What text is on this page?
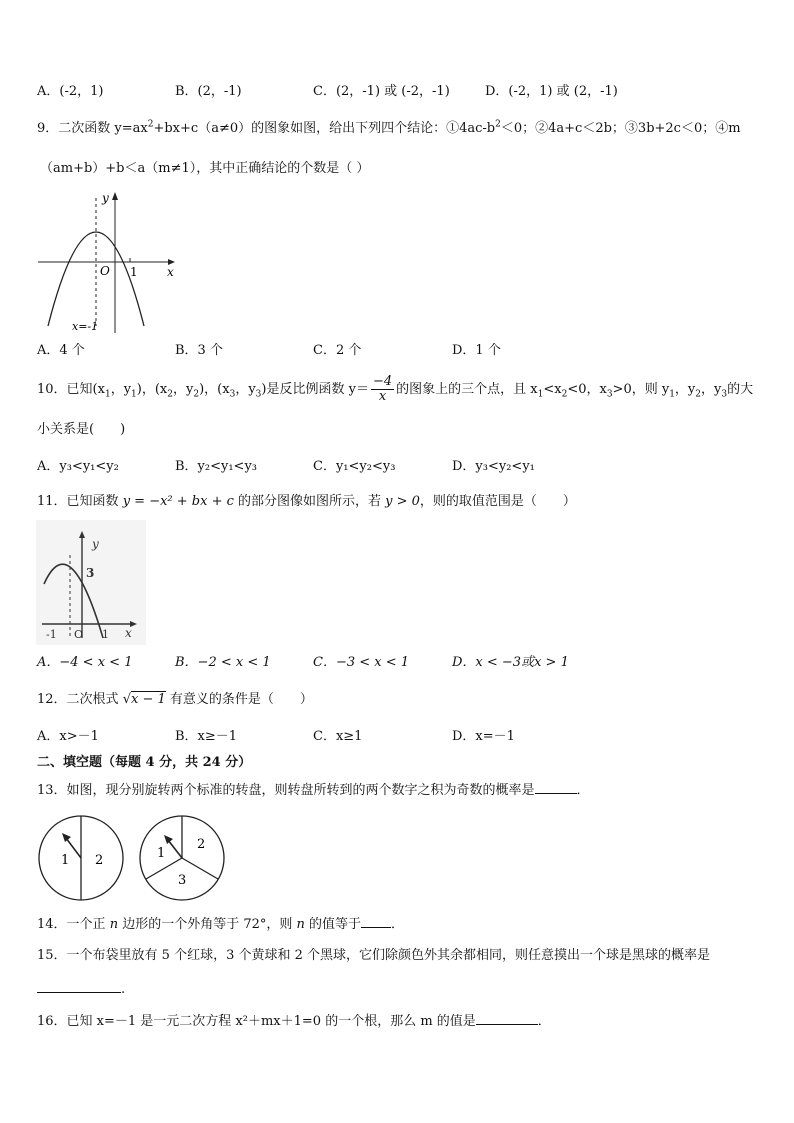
A．(-2，1)	B．(2，-1)	C．(2，-1) 或 (-2，-1)	D．(-2，1) 或 (2，-1)
9．二次函数 $y=ax^2+bx+c(a\ne 0)$的图象如图，给出下列四个结论：$①4ac-b^2<0$；②4a+c＜2b；③3b+2c＜0；④m
（am+b）+b＜a（m≠1），其中正确结论的个数是（ ）
y
x
O 1
x=-1
A．4 个	B．3 个	C．2 个	D．1 个
10．已知($x_1$，$y_1$)，($x_2$，$y_2$)，($x_3$，$y_3$)是反比例函数 $y= \frac{-4}{x}$ 的图象上的三个点，且 $x_1<x_2<0$，$x_3>0$，则 $y_1$，$y_2$，$y_3$的大
小关系是(　　)
A．y₃<y₁<y₂	B．y₂<y₁<y₃	C．y₁<y₂<y₃	D．y₃<y₂<y₁
11．已知函数 y = −x² + bx + c 的部分图像如图所示，若 y > 0，则的取值范围是（　　）
y
3
x
-1 O 1
A．−4 < x < 1	B．−2 < x < 1	C．−3 < x < 1	D．x < −3或x > 1
12．二次根式 √x − 1 有意义的条件是（　　）
A．x>－1	B．x≥－1	C．x≥1	D．x=－1
二、填空题（每题 4 分，共 24 分）
13．如图，现分别旋转两个标准的转盘，则转盘所转到的两个数字之积为奇数的概率是	．
1 2	1
2
3
14．一个正 n 边形的一个外角等于 72°，则 n 的值等于 ．
15．一个布袋里放有 5 个红球，3 个黄球和 2 个黑球，它们除颜色外其余都相同，则任意摸出一个球是黑球的概率是
.
16．已知 x=－1 是一元二次方程 x²＋mx＋1=0 的一个根，那么 m 的值是	．
